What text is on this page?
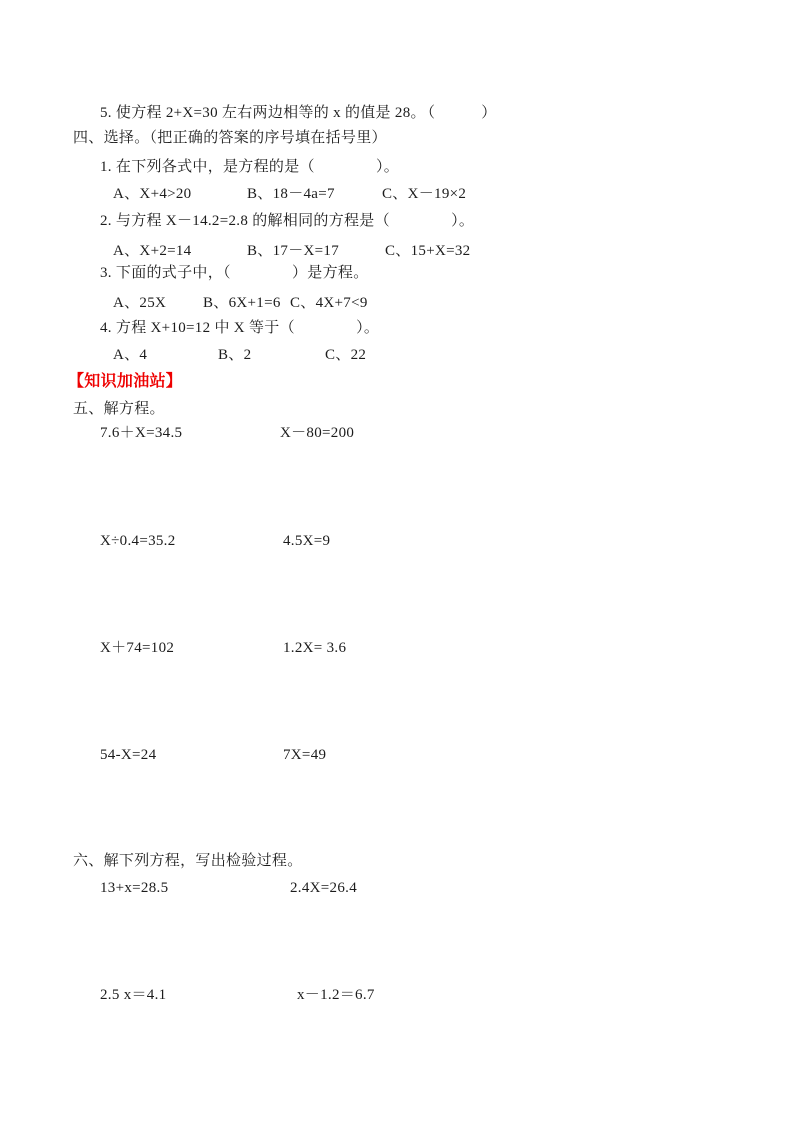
5. 使方程 2+X=30 左右两边相等的 x 的值是 28。
（　　　）
四、选择。（把正确的答案的序号填在括号里）
1. 在下列各式中，是方程的是（　　　　）。
A、X+4>20	B、18－4a=7	C、X－19×2
2. 与方程 X－14.2=2.8 的解相同的方程是（　　　　）。
A、X+2=14	B、17－X=17	C、15+X=32
3. 下面的式子中，（　　　　）是方程。
A、25X B、6X+1=6 C、4X+7<9
4. 方程 X+10=12 中 X 等于（　　　　）。
A、4	B、2	C、22
【知识加油站】
五、解方程。
7.6＋X=34.5	X－80=200
X÷0.4=35.2	4.5X=9
X＋74=102	1.2X= 3.6
54-X=24	7X=49
六、解下列方程，写出检验过程。
13+x=28.5	2.4X=26.4
2.5 x＝4.1	x－1.2＝6.7
